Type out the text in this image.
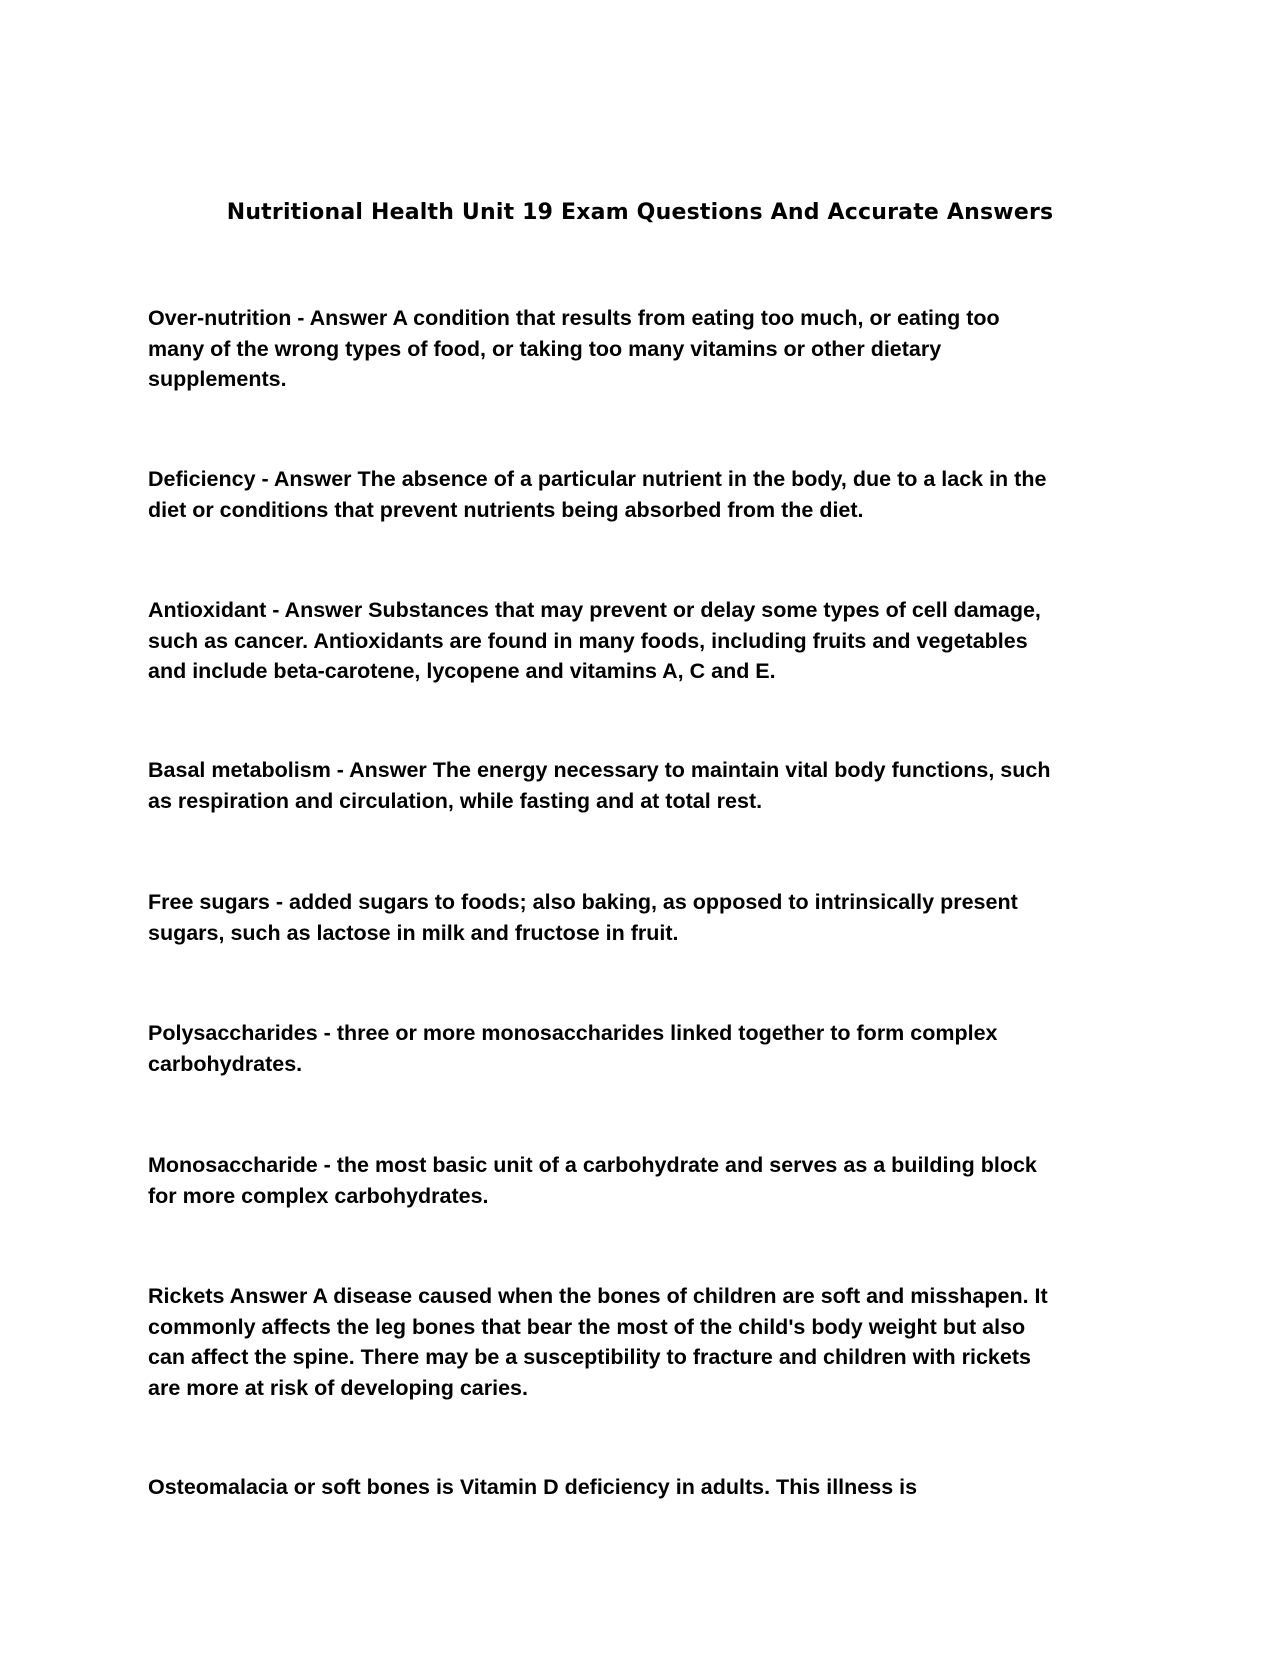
Nutritional Health Unit 19 Exam Questions And Accurate Answers

Over-nutrition - Answer A condition that results from eating too much, or eating too
many of the wrong types of food, or taking too many vitamins or other dietary
supplements.

Deficiency - Answer The absence of a particular nutrient in the body, due to a lack in the
diet or conditions that prevent nutrients being absorbed from the diet.

Antioxidant - Answer Substances that may prevent or delay some types of cell damage,
such as cancer. Antioxidants are found in many foods, including fruits and vegetables
and include beta-carotene, lycopene and vitamins A, C and E.

Basal metabolism - Answer The energy necessary to maintain vital body functions, such
as respiration and circulation, while fasting and at total rest.

Free sugars - added sugars to foods; also baking, as opposed to intrinsically present
sugars, such as lactose in milk and fructose in fruit.

Polysaccharides - three or more monosaccharides linked together to form complex
carbohydrates.

Monosaccharide - the most basic unit of a carbohydrate and serves as a building block
for more complex carbohydrates.

Rickets Answer A disease caused when the bones of children are soft and misshapen. It
commonly affects the leg bones that bear the most of the child's body weight but also
can affect the spine. There may be a susceptibility to fracture and children with rickets
are more at risk of developing caries.

Osteomalacia or soft bones is Vitamin D deficiency in adults. This illness is
